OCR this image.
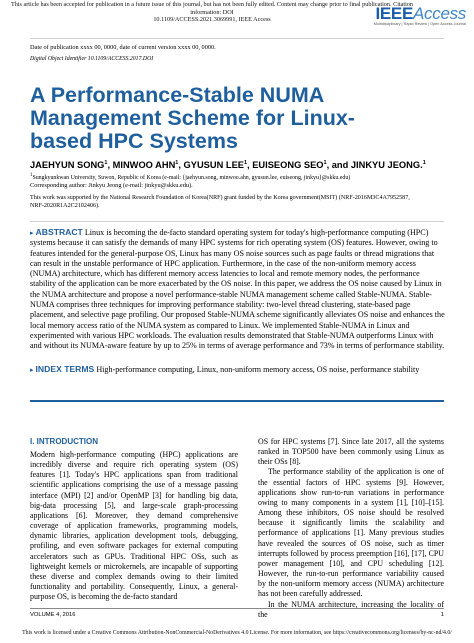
This article has been accepted for publication in a future issue of this journal, but has not been fully edited. Content may change prior to final publication. Citation information: DOI
10.1109/ACCESS.2021.3069991, IEEE Access	IEEEAccess
Multidisciplinary | Rapid Review | Open Access Journal
Date of publication xxxx 00, 0000, date of current version xxxx 00, 0000.
Digital Object Identifier 10.1109/ACCESS.2017.DOI
A Performance-Stable NUMA Management Scheme for Linux-based HPC Systems
JAEHYUN SONG$^1$, MINWOO AHN$^1$, GYUSUN LEE$^1$, EUISEONG SEO$^1$, and JINKYU JEONG.$^1$
$^1$Sungkyunkwan University, Suwon, Republic of Korea (e-mail: {jaehyun.song, minwoo.ahn, gyusun.lee, euiseong, jinkyu}@skku.edu)
Corresponding author: Jinkyu Jeong (e-mail: jinkyu@skku.edu).
This work was supported by the National Research Foundation of Korea(NRF) grant funded by the Korea government(MSIT) (NRF-2016M3C4A7952587, NRF-2020R1A2C2102406).
▸ ABSTRACT Linux is becoming the de-facto standard operating system for today's high-performance computing (HPC) systems because it can satisfy the demands of many HPC systems for rich operating system (OS) features. However, owing to features intended for the general-purpose OS, Linux has many OS noise sources such as page faults or thread migrations that can result in the unstable performance of HPC application. Furthermore, in the case of the non-uniform memory access (NUMA) architecture, which has different memory access latencies to local and remote memory nodes, the performance stability of the application can be more exacerbated by the OS noise. In this paper, we address the OS noise caused by Linux in the NUMA architecture and propose a novel performance-stable NUMA management scheme called Stable-NUMA. Stable-NUMA comprises three techniques for improving performance stability: two-level thread clustering, state-based page placement, and selective page profiling. Our proposed Stable-NUMA scheme significantly alleviates OS noise and enhances the local memory access ratio of the NUMA system as compared to Linux. We implemented Stable-NUMA in Linux and experimented with various HPC workloads. The evaluation results demonstrated that Stable-NUMA outperforms Linux with and without its NUMA-aware feature by up to 25% in terms of average performance and 73% in terms of performance stability.
▸ INDEX TERMS High-performance computing, Linux, non-uniform memory access, OS noise, performance stability
I. INTRODUCTION
Modern high-performance computing (HPC) applications are incredibly diverse and require rich operating system (OS) features [1]. Today's HPC applications span from traditional scientific applications comprising the use of a message passing interface (MPI) [2] and/or OpenMP [3] for handling big data, big-data processing [5], and large-scale graph-processing applications [6]. Moreover, they demand comprehensive coverage of application frameworks, programming models, dynamic libraries, application development tools, debugging, profiling, and even software packages for external computing accelerators such as GPUs. Traditional HPC OSs, such as lightweight kernels or microkernels, are incapable of supporting these diverse and complex demands owing to their limited functionality and portability. Consequently, Linux, a general-purpose OS, is becoming the de-facto standard
OS for HPC systems [7]. Since late 2017, all the systems ranked in TOP500 have been commonly using Linux as their OSs [8].
The performance stability of the application is one of the essential factors of HPC systems [9]. However, applications show run-to-run variations in performance owing to many components in a system [1], [10]–[15]. Among these inhibitors, OS noise should be resolved because it significantly limits the scalability and performance of applications [1]. Many previous studies have revealed the sources of OS noise, such as timer interrupts followed by process preemption [16], [17], CPU power management [10], and CPU scheduling [12]. However, the run-to-run performance variability caused by the non-uniform memory access (NUMA) architecture has not been carefully addressed.
In the NUMA architecture, increasing the locality of the
VOLUME 4, 2016	1
This work is licensed under a Creative Commons Attribution-NonCommercial-NoDerivatives 4.0 License. For more information, see https://creativecommons.org/licenses/by-nc-nd/4.0/
